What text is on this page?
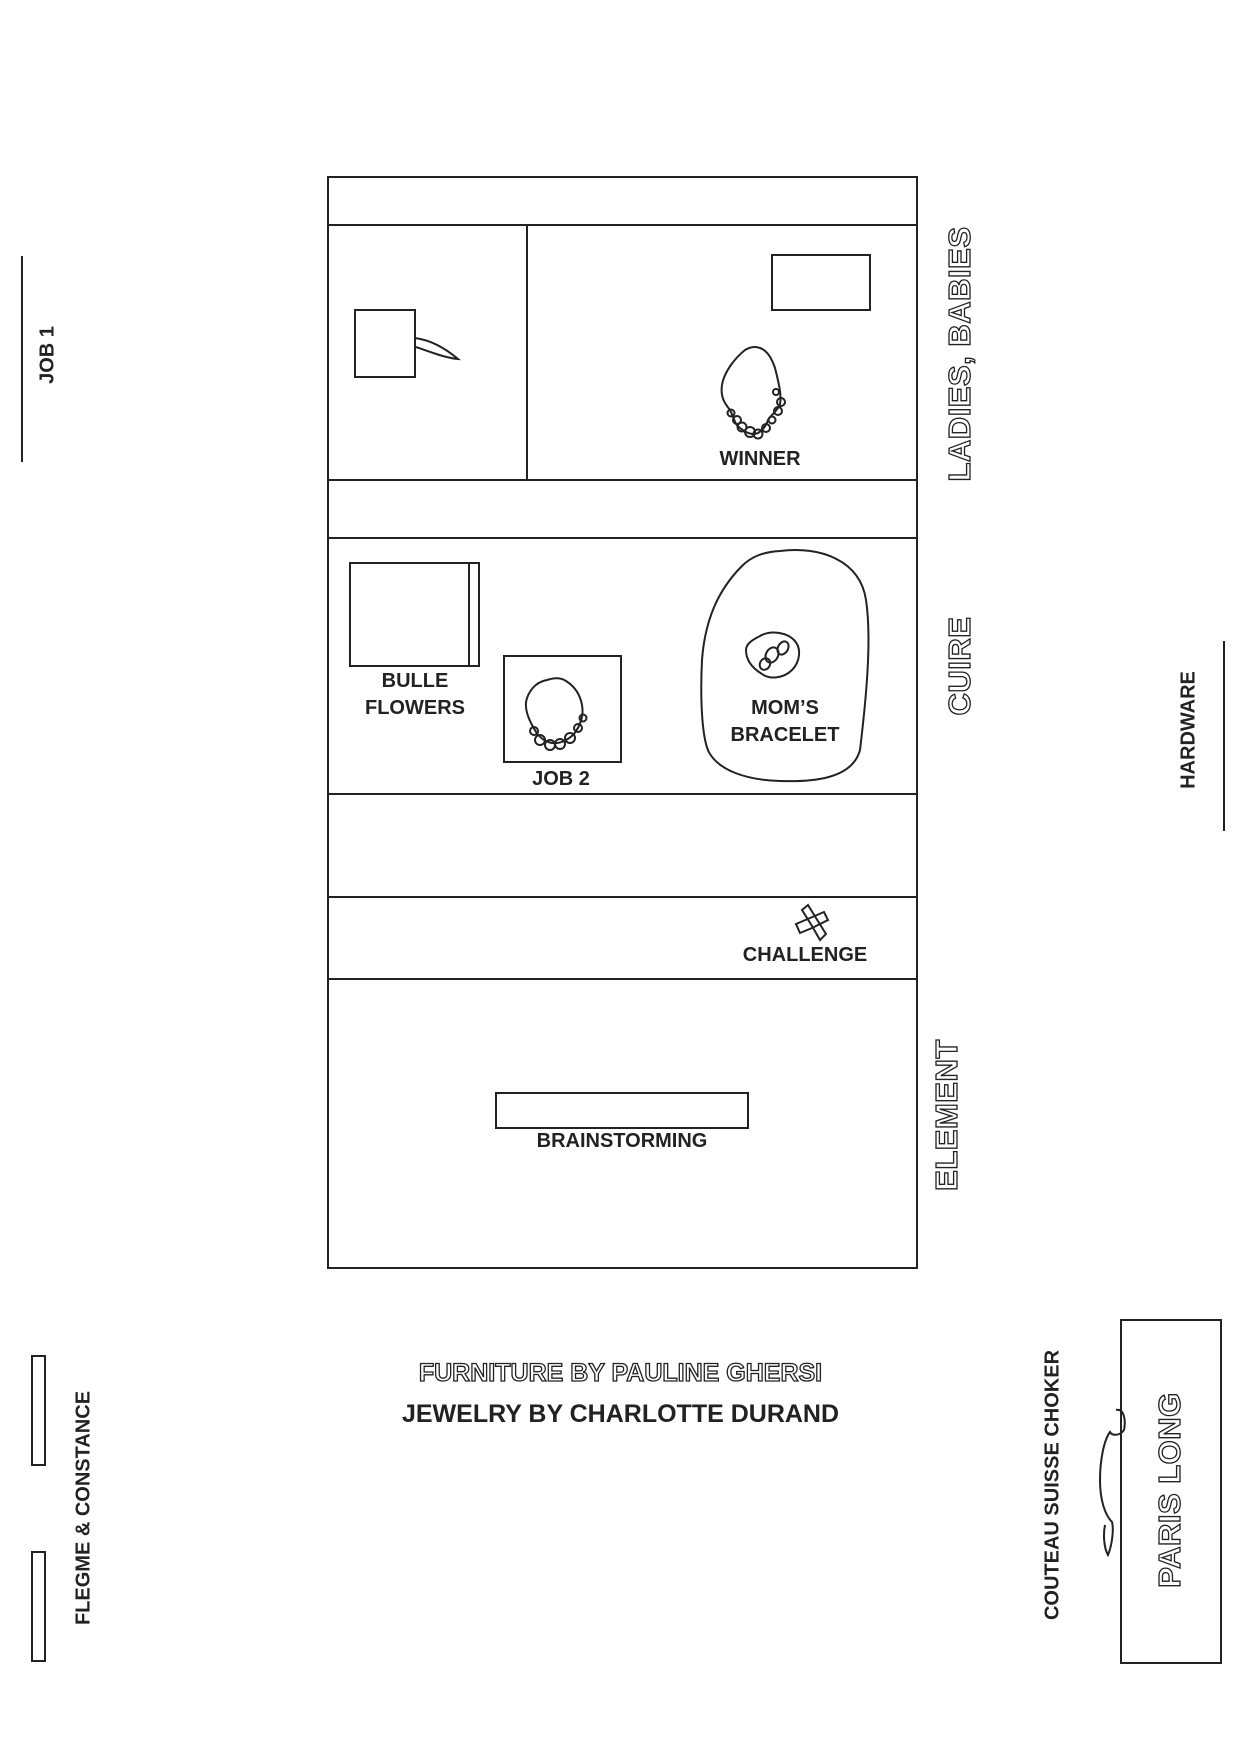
WINNER
BULLE
FLOWERS
JOB 2
MOM’S
BRACELET
CHALLENGE
BRAINSTORMING
LADIES, BABIES
CUIRE
ELEMENT
HARDWARE
JOB 1
FURNITURE BY PAULINE GHERSI
JEWELRY BY CHARLOTTE DURAND
FLEGME & CONSTANCE	COUTEAU SUISSE CHOKER	PARIS LONG
